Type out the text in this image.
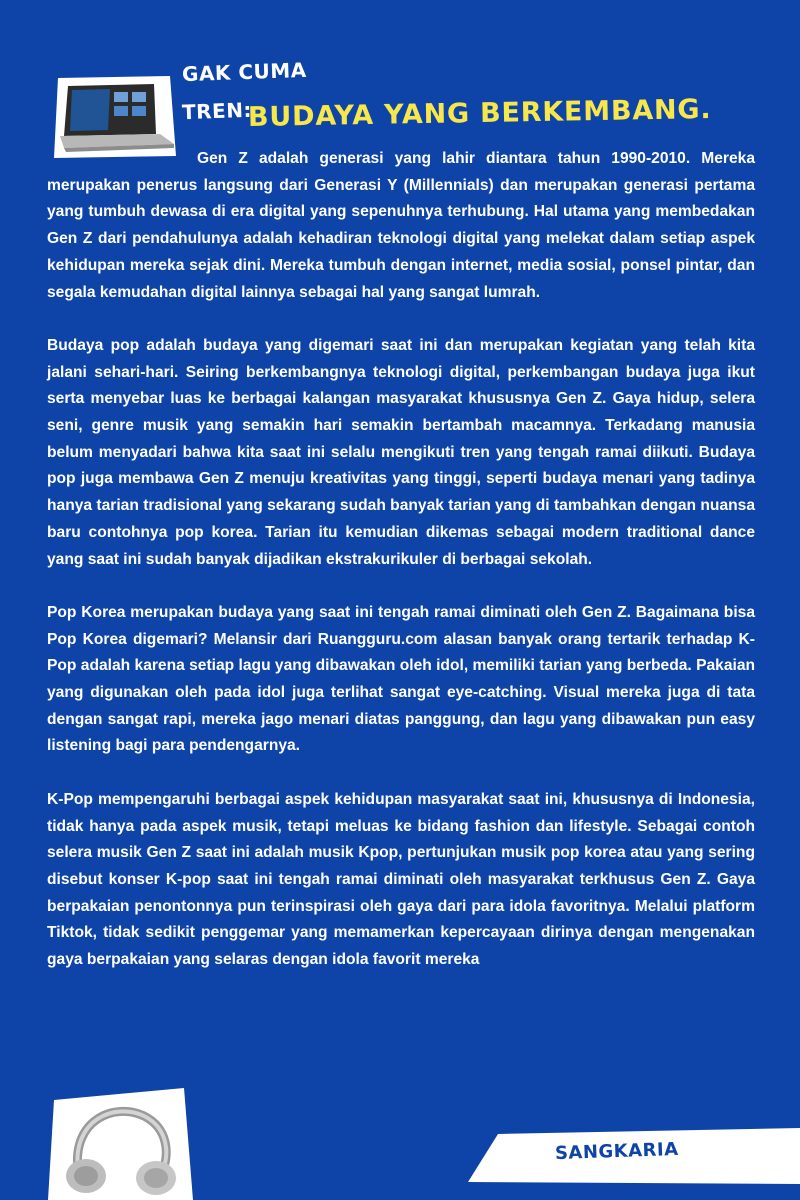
GAK CUMA

TREN:

BUDAYA YANG BERKEMBANG.

Gen Z adalah generasi yang lahir diantara tahun 1990-2010. Mereka merupakan penerus langsung dari Generasi Y (Millennials) dan merupakan generasi pertama yang tumbuh dewasa di era digital yang sepenuhnya terhubung. Hal utama yang membedakan Gen Z dari pendahulunya adalah kehadiran teknologi digital yang melekat dalam setiap aspek kehidupan mereka sejak dini. Mereka tumbuh dengan internet, media sosial, ponsel pintar, dan segala kemudahan digital lainnya sebagai hal yang sangat lumrah.

Budaya pop adalah budaya yang digemari saat ini dan merupakan kegiatan yang telah kita jalani sehari-hari. Seiring berkembangnya teknologi digital, perkembangan budaya juga ikut serta menyebar luas ke berbagai kalangan masyarakat khususnya Gen Z. Gaya hidup, selera seni, genre musik yang semakin hari semakin bertambah macamnya. Terkadang manusia belum menyadari bahwa kita saat ini selalu mengikuti tren yang tengah ramai diikuti. Budaya pop juga membawa Gen Z menuju kreativitas yang tinggi, seperti budaya menari yang tadinya hanya tarian tradisional yang sekarang sudah banyak tarian yang di tambahkan dengan nuansa baru contohnya pop korea. Tarian itu kemudian dikemas sebagai modern traditional dance yang saat ini sudah banyak dijadikan ekstrakurikuler di berbagai sekolah.

Pop Korea merupakan budaya yang saat ini tengah ramai diminati oleh Gen Z. Bagaimana bisa Pop Korea digemari? Melansir dari Ruangguru.com alasan banyak orang tertarik terhadap K-Pop adalah karena setiap lagu yang dibawakan oleh idol, memiliki tarian yang berbeda. Pakaian yang digunakan oleh pada idol juga terlihat sangat eye-catching. Visual mereka juga di tata dengan sangat rapi, mereka jago menari diatas panggung, dan lagu yang dibawakan pun easy listening bagi para pendengarnya.

K-Pop mempengaruhi berbagai aspek kehidupan masyarakat saat ini, khususnya di Indonesia, tidak hanya pada aspek musik, tetapi meluas ke bidang fashion dan lifestyle. Sebagai contoh selera musik Gen Z saat ini adalah musik Kpop, pertunjukan musik pop korea atau yang sering disebut konser K-pop saat ini tengah ramai diminati oleh masyarakat terkhusus Gen Z. Gaya berpakaian penontonnya pun terinspirasi oleh gaya dari para idola favoritnya. Melalui platform Tiktok, tidak sedikit penggemar yang memamerkan kepercayaan dirinya dengan mengenakan gaya berpakaian yang selaras dengan idola favorit mereka

SANGKARIA
